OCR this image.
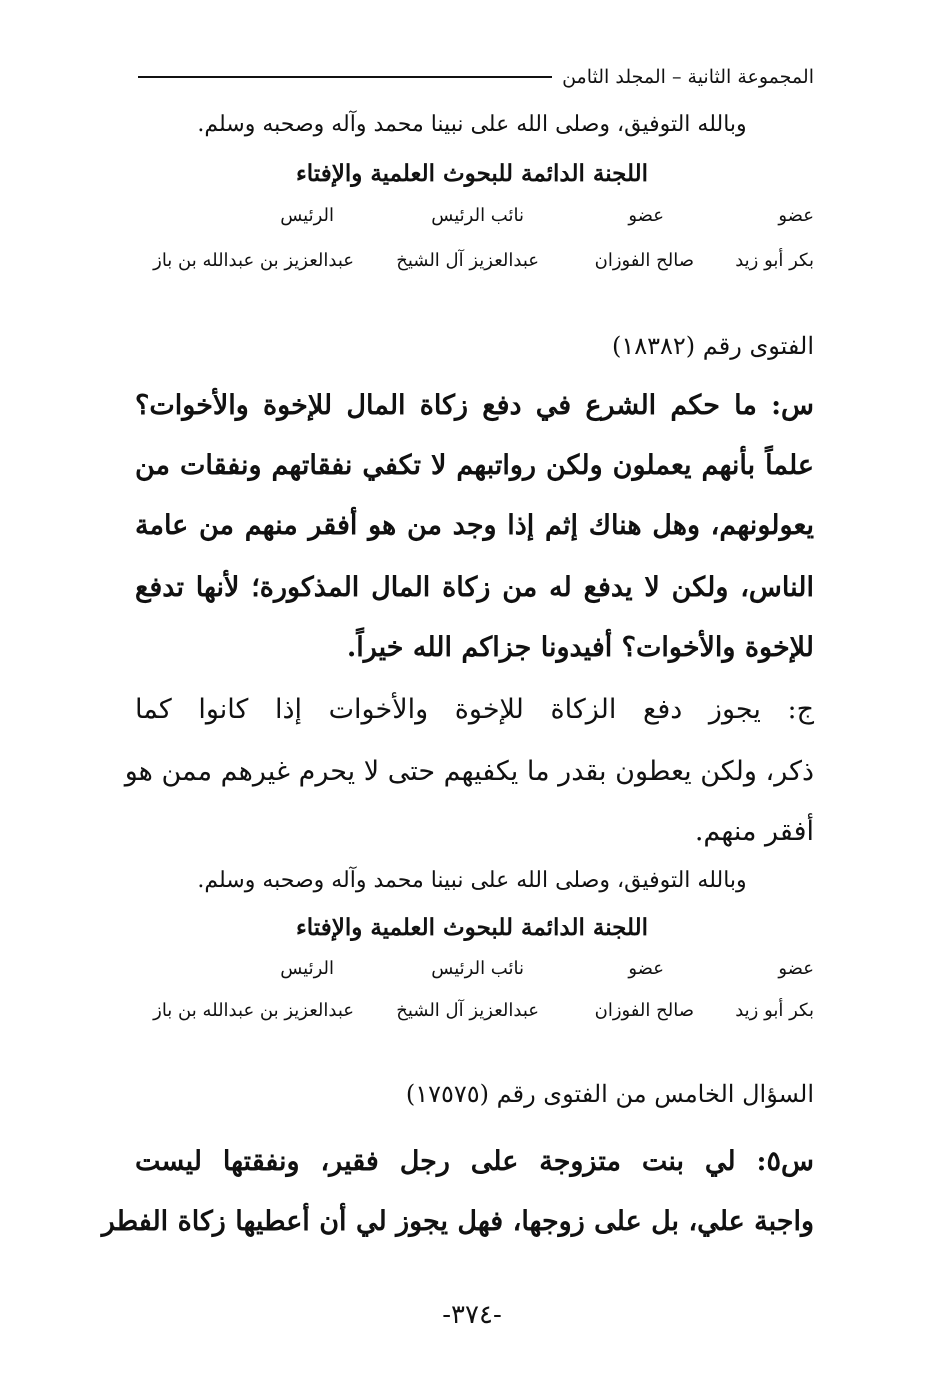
المجموعة الثانية – المجلد الثامن
وبالله التوفيق، وصلى الله على نبينا محمد وآله وصحبه وسلم.
اللجنة الدائمة للبحوث العلمية والإفتاء
عضو
عضو
نائب الرئيس
الرئيس
بكر أبو زيد
صالح الفوزان
عبدالعزيز آل الشيخ
عبدالعزيز بن عبدالله بن باز
الفتوى رقم (١٨٣٨٢)
س: ما حكم الشرع في دفع زكاة المال للإخوة والأخوات؟
علماً بأنهم يعملون ولكن رواتبهم لا تكفي نفقاتهم ونفقات من
يعولونهم، وهل هناك إثم إذا وجد من هو أفقر منهم من عامة
الناس، ولكن لا يدفع له من زكاة المال المذكورة؛ لأنها تدفع
للإخوة والأخوات؟ أفيدونا جزاكم الله خيراً.
ج: يجوز دفع الزكاة للإخوة والأخوات إذا كانوا كما
ذكر، ولكن يعطون بقدر ما يكفيهم حتى لا يحرم غيرهم ممن هو
أفقر منهم.
وبالله التوفيق، وصلى الله على نبينا محمد وآله وصحبه وسلم.
اللجنة الدائمة للبحوث العلمية والإفتاء
عضو
عضو
نائب الرئيس
الرئيس
بكر أبو زيد
صالح الفوزان
عبدالعزيز آل الشيخ
عبدالعزيز بن عبدالله بن باز
السؤال الخامس من الفتوى رقم (١٧٥٧٥)
س٥: لي بنت متزوجة على رجل فقير، ونفقتها ليست
واجبة علي، بل على زوجها، فهل يجوز لي أن أعطيها زكاة الفطر
-٣٧٤-
